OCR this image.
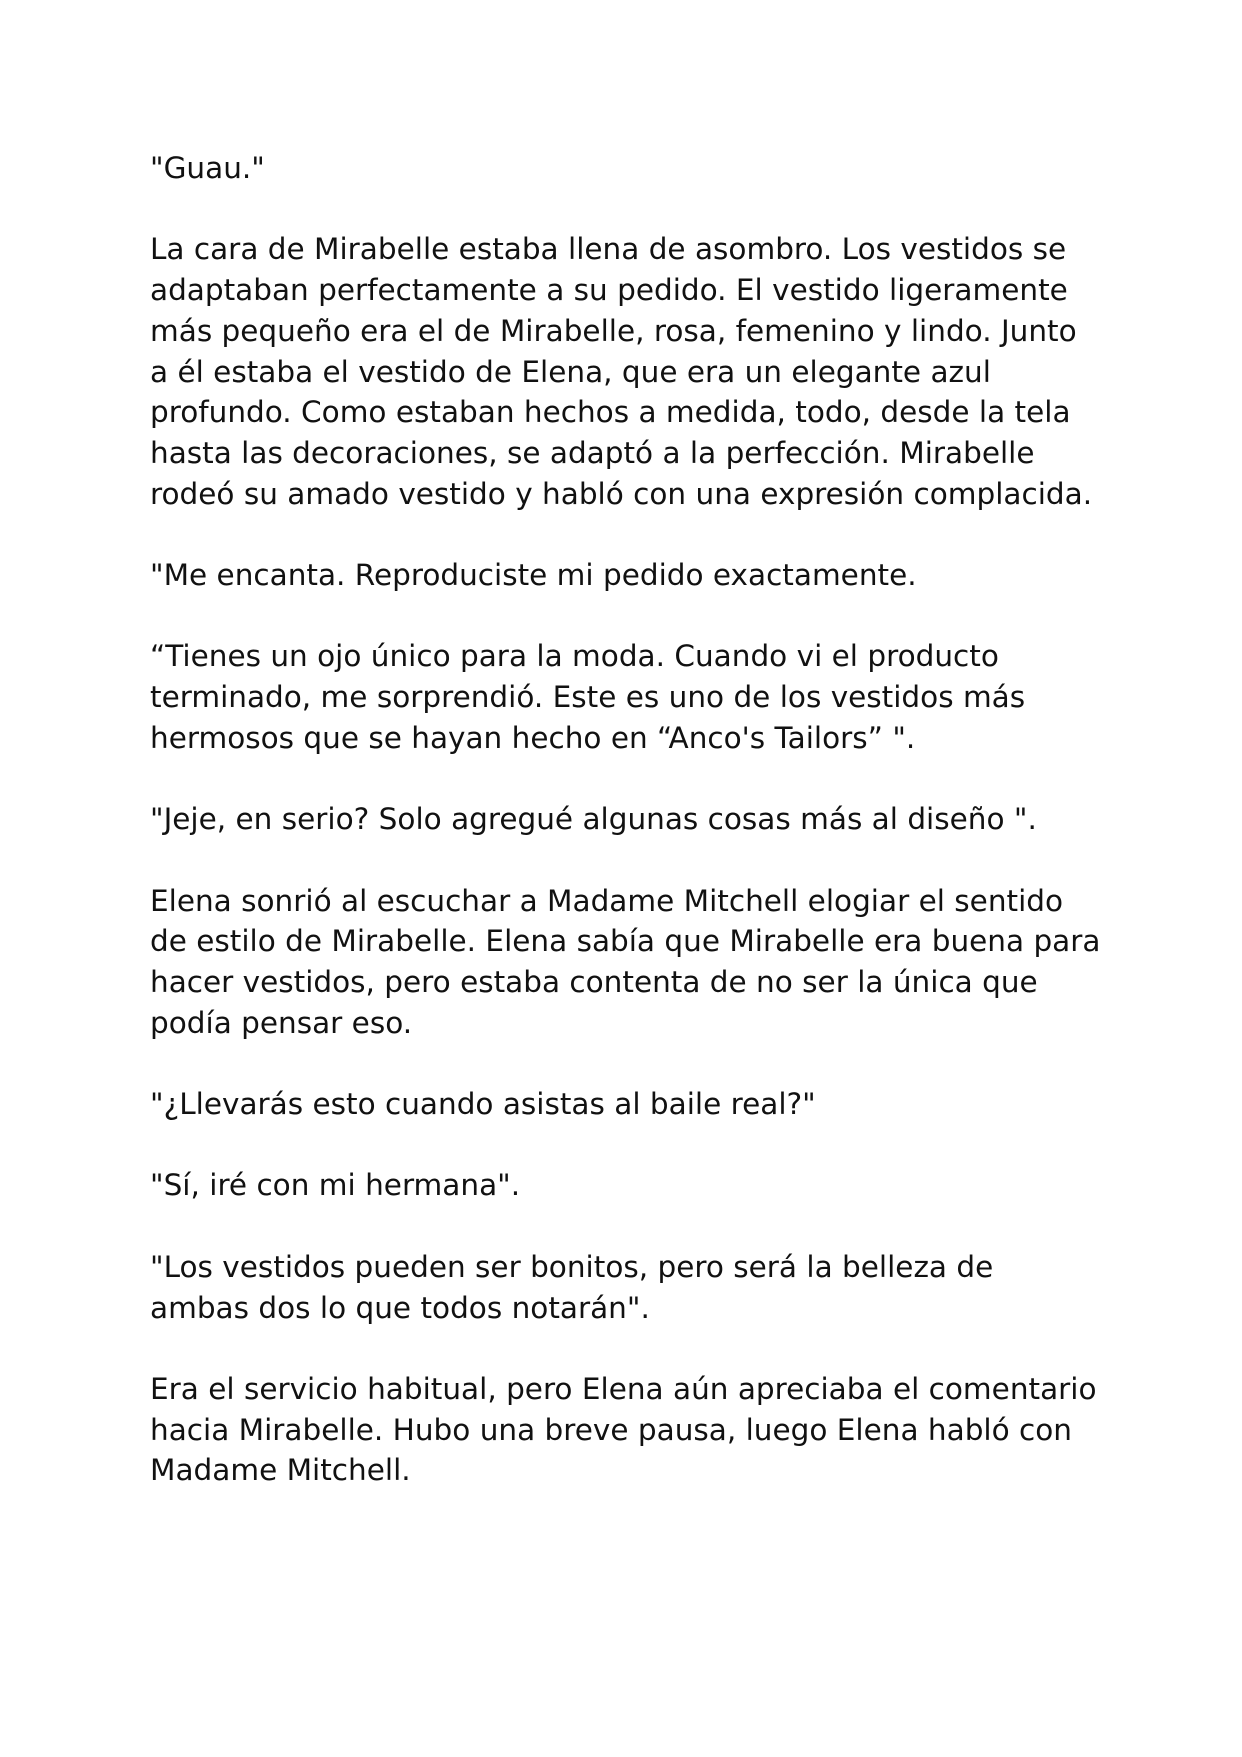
"Guau."

La cara de Mirabelle estaba llena de asombro. Los vestidos se
adaptaban perfectamente a su pedido. El vestido ligeramente
más pequeño era el de Mirabelle, rosa, femenino y lindo. Junto
a él estaba el vestido de Elena, que era un elegante azul
profundo. Como estaban hechos a medida, todo, desde la tela
hasta las decoraciones, se adaptó a la perfección. Mirabelle
rodeó su amado vestido y habló con una expresión complacida.

"Me encanta. Reproduciste mi pedido exactamente.

“Tienes un ojo único para la moda. Cuando vi el producto
terminado, me sorprendió. Este es uno de los vestidos más
hermosos que se hayan hecho en “Anco's Tailors” ".

"Jeje, en serio? Solo agregué algunas cosas más al diseño ".

Elena sonrió al escuchar a Madame Mitchell elogiar el sentido
de estilo de Mirabelle. Elena sabía que Mirabelle era buena para
hacer vestidos, pero estaba contenta de no ser la única que
podía pensar eso.

"¿Llevarás esto cuando asistas al baile real?"

"Sí, iré con mi hermana".

"Los vestidos pueden ser bonitos, pero será la belleza de
ambas dos lo que todos notarán".

Era el servicio habitual, pero Elena aún apreciaba el comentario
hacia Mirabelle. Hubo una breve pausa, luego Elena habló con
Madame Mitchell.
